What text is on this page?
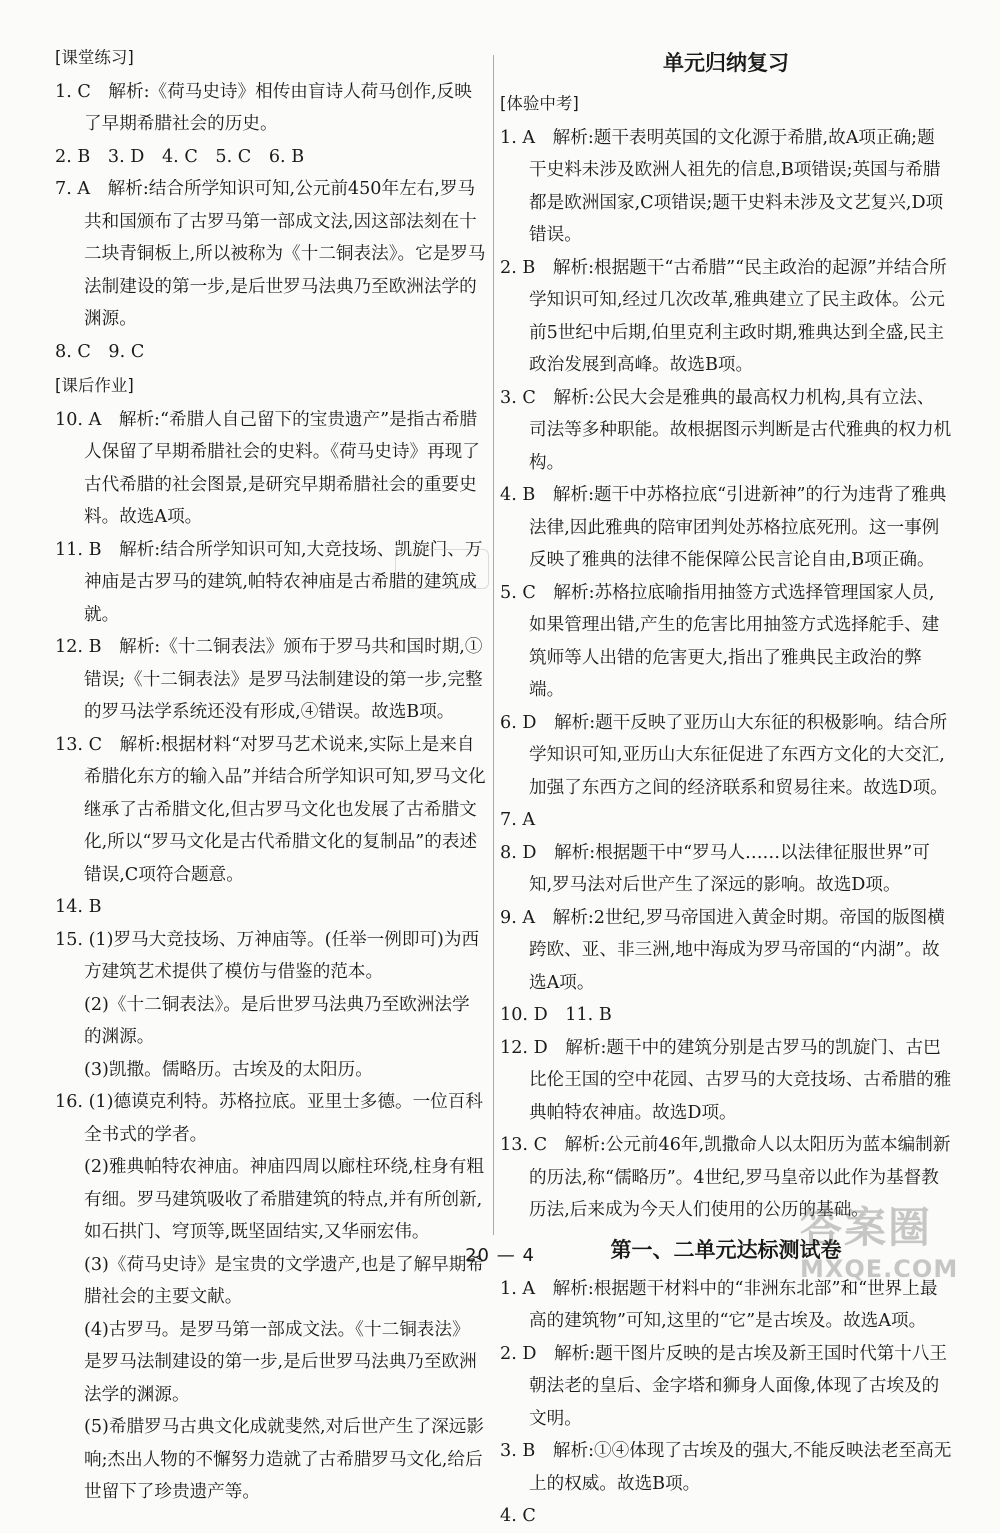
[课堂练习]
1. C　解析:《荷马史诗》相传由盲诗人荷马创作,反映了早期希腊社会的历史。
2. B　3. D　4. C　5. C　6. B
7. A　解析:结合所学知识可知,公元前450年左右,罗马共和国颁布了古罗马第一部成文法,因这部法刻在十二块青铜板上,所以被称为《十二铜表法》。它是罗马法制建设的第一步,是后世罗马法典乃至欧洲法学的渊源。
8. C　9. C
[课后作业]
10. A　解析:“希腊人自己留下的宝贵遗产”是指古希腊人保留了早期希腊社会的史料。《荷马史诗》再现了古代希腊的社会图景,是研究早期希腊社会的重要史料。故选A项。
11. B　解析:结合所学知识可知,大竞技场、凯旋门、万神庙是古罗马的建筑,帕特农神庙是古希腊的建筑成就。
12. B　解析:《十二铜表法》颁布于罗马共和国时期,①错误;《十二铜表法》是罗马法制建设的第一步,完整的罗马法学系统还没有形成,④错误。故选B项。
13. C　解析:根据材料“对罗马艺术说来,实际上是来自希腊化东方的输入品”并结合所学知识可知,罗马文化继承了古希腊文化,但古罗马文化也发展了古希腊文化,所以“罗马文化是古代希腊文化的复制品”的表述错误,C项符合题意。
14. B
15. (1)罗马大竞技场、万神庙等。(任举一例即可)为西方建筑艺术提供了模仿与借鉴的范本。
(2)《十二铜表法》。是后世罗马法典乃至欧洲法学的渊源。
(3)凯撒。儒略历。古埃及的太阳历。
16. (1)德谟克利特。苏格拉底。亚里士多德。一位百科全书式的学者。
(2)雅典帕特农神庙。神庙四周以廊柱环绕,柱身有粗有细。罗马建筑吸收了希腊建筑的特点,并有所创新,如石拱门、穹顶等,既坚固结实,又华丽宏伟。
(3)《荷马史诗》是宝贵的文学遗产,也是了解早期希腊社会的主要文献。
(4)古罗马。是罗马第一部成文法。《十二铜表法》是罗马法制建设的第一步,是后世罗马法典乃至欧洲法学的渊源。
(5)希腊罗马古典文化成就斐然,对后世产生了深远影响;杰出人物的不懈努力造就了古希腊罗马文化,给后世留下了珍贵遗产等。
单元归纳复习
[体验中考]
1. A　解析:题干表明英国的文化源于希腊,故A项正确;题干史料未涉及欧洲人祖先的信息,B项错误;英国与希腊都是欧洲国家,C项错误;题干史料未涉及文艺复兴,D项错误。
2. B　解析:根据题干“古希腊”“民主政治的起源”并结合所学知识可知,经过几次改革,雅典建立了民主政体。公元前5世纪中后期,伯里克利主政时期,雅典达到全盛,民主政治发展到高峰。故选B项。
3. C　解析:公民大会是雅典的最高权力机构,具有立法、司法等多种职能。故根据图示判断是古代雅典的权力机构。
4. B　解析:题干中苏格拉底“引进新神”的行为违背了雅典法律,因此雅典的陪审团判处苏格拉底死刑。这一事例反映了雅典的法律不能保障公民言论自由,B项正确。
5. C　解析:苏格拉底喻指用抽签方式选择管理国家人员,如果管理出错,产生的危害比用抽签方式选择舵手、建筑师等人出错的危害更大,指出了雅典民主政治的弊端。
6. D　解析:题干反映了亚历山大东征的积极影响。结合所学知识可知,亚历山大东征促进了东西方文化的大交汇,加强了东西方之间的经济联系和贸易往来。故选D项。
7. A
8. D　解析:根据题干中“罗马人……以法律征服世界”可知,罗马法对后世产生了深远的影响。故选D项。
9. A　解析:2世纪,罗马帝国进入黄金时期。帝国的版图横跨欧、亚、非三洲,地中海成为罗马帝国的“内湖”。故选A项。
10. D　11. B
12. D　解析:题干中的建筑分别是古罗马的凯旋门、古巴比伦王国的空中花园、古罗马的大竞技场、古希腊的雅典帕特农神庙。故选D项。
13. C　解析:公元前46年,凯撒命人以太阳历为蓝本编制新的历法,称“儒略历”。4世纪,罗马皇帝以此作为基督教历法,后来成为今天人们使用的公历的基础。
第一、二单元达标测试卷
1. A　解析:根据题干材料中的“非洲东北部”和“世界上最高的建筑物”可知,这里的“它”是古埃及。故选A项。
2. D　解析:题干图片反映的是古埃及新王国时代第十八王朝法老的皇后、金字塔和狮身人面像,体现了古埃及的文明。
3. B　解析:①④体现了古埃及的强大,不能反映法老至高无上的权威。故选B项。
4. C
20 — 4
答案圈
MXQE.COM
